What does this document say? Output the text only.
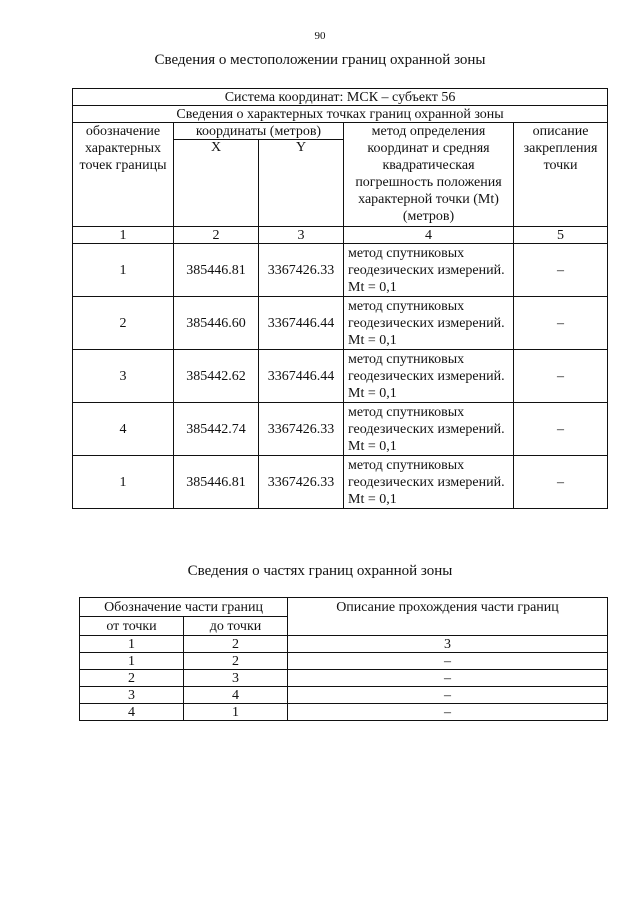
90
Сведения о местоположении границ охранной зоны
Система координат: МСК – субъект 56				
Сведения о характерных точках границ охранной зоны				
обозначение характерных точек границы	координаты (метров)		метод определения координат и средняя квадратическая погрешность положения характерной точки (Mt) (метров)	описание закрепления точки
	X	Y		
1	2	3	4	5
1	385446.81	3367426.33	метод спутниковых геодезических измерений. Mt = 0,1	–
2	385446.60	3367446.44	метод спутниковых геодезических измерений. Mt = 0,1	–
3	385442.62	3367446.44	метод спутниковых геодезических измерений. Mt = 0,1	–
4	385442.74	3367426.33	метод спутниковых геодезических измерений. Mt = 0,1	–
1	385446.81	3367426.33	метод спутниковых геодезических измерений. Mt = 0,1	–
Сведения о частях границ охранной зоны
Обозначение части границ		Описание прохождения части границ
от точки	до точки	
1	2	3
1	2	–
2	3	–
3	4	–
4	1	–
